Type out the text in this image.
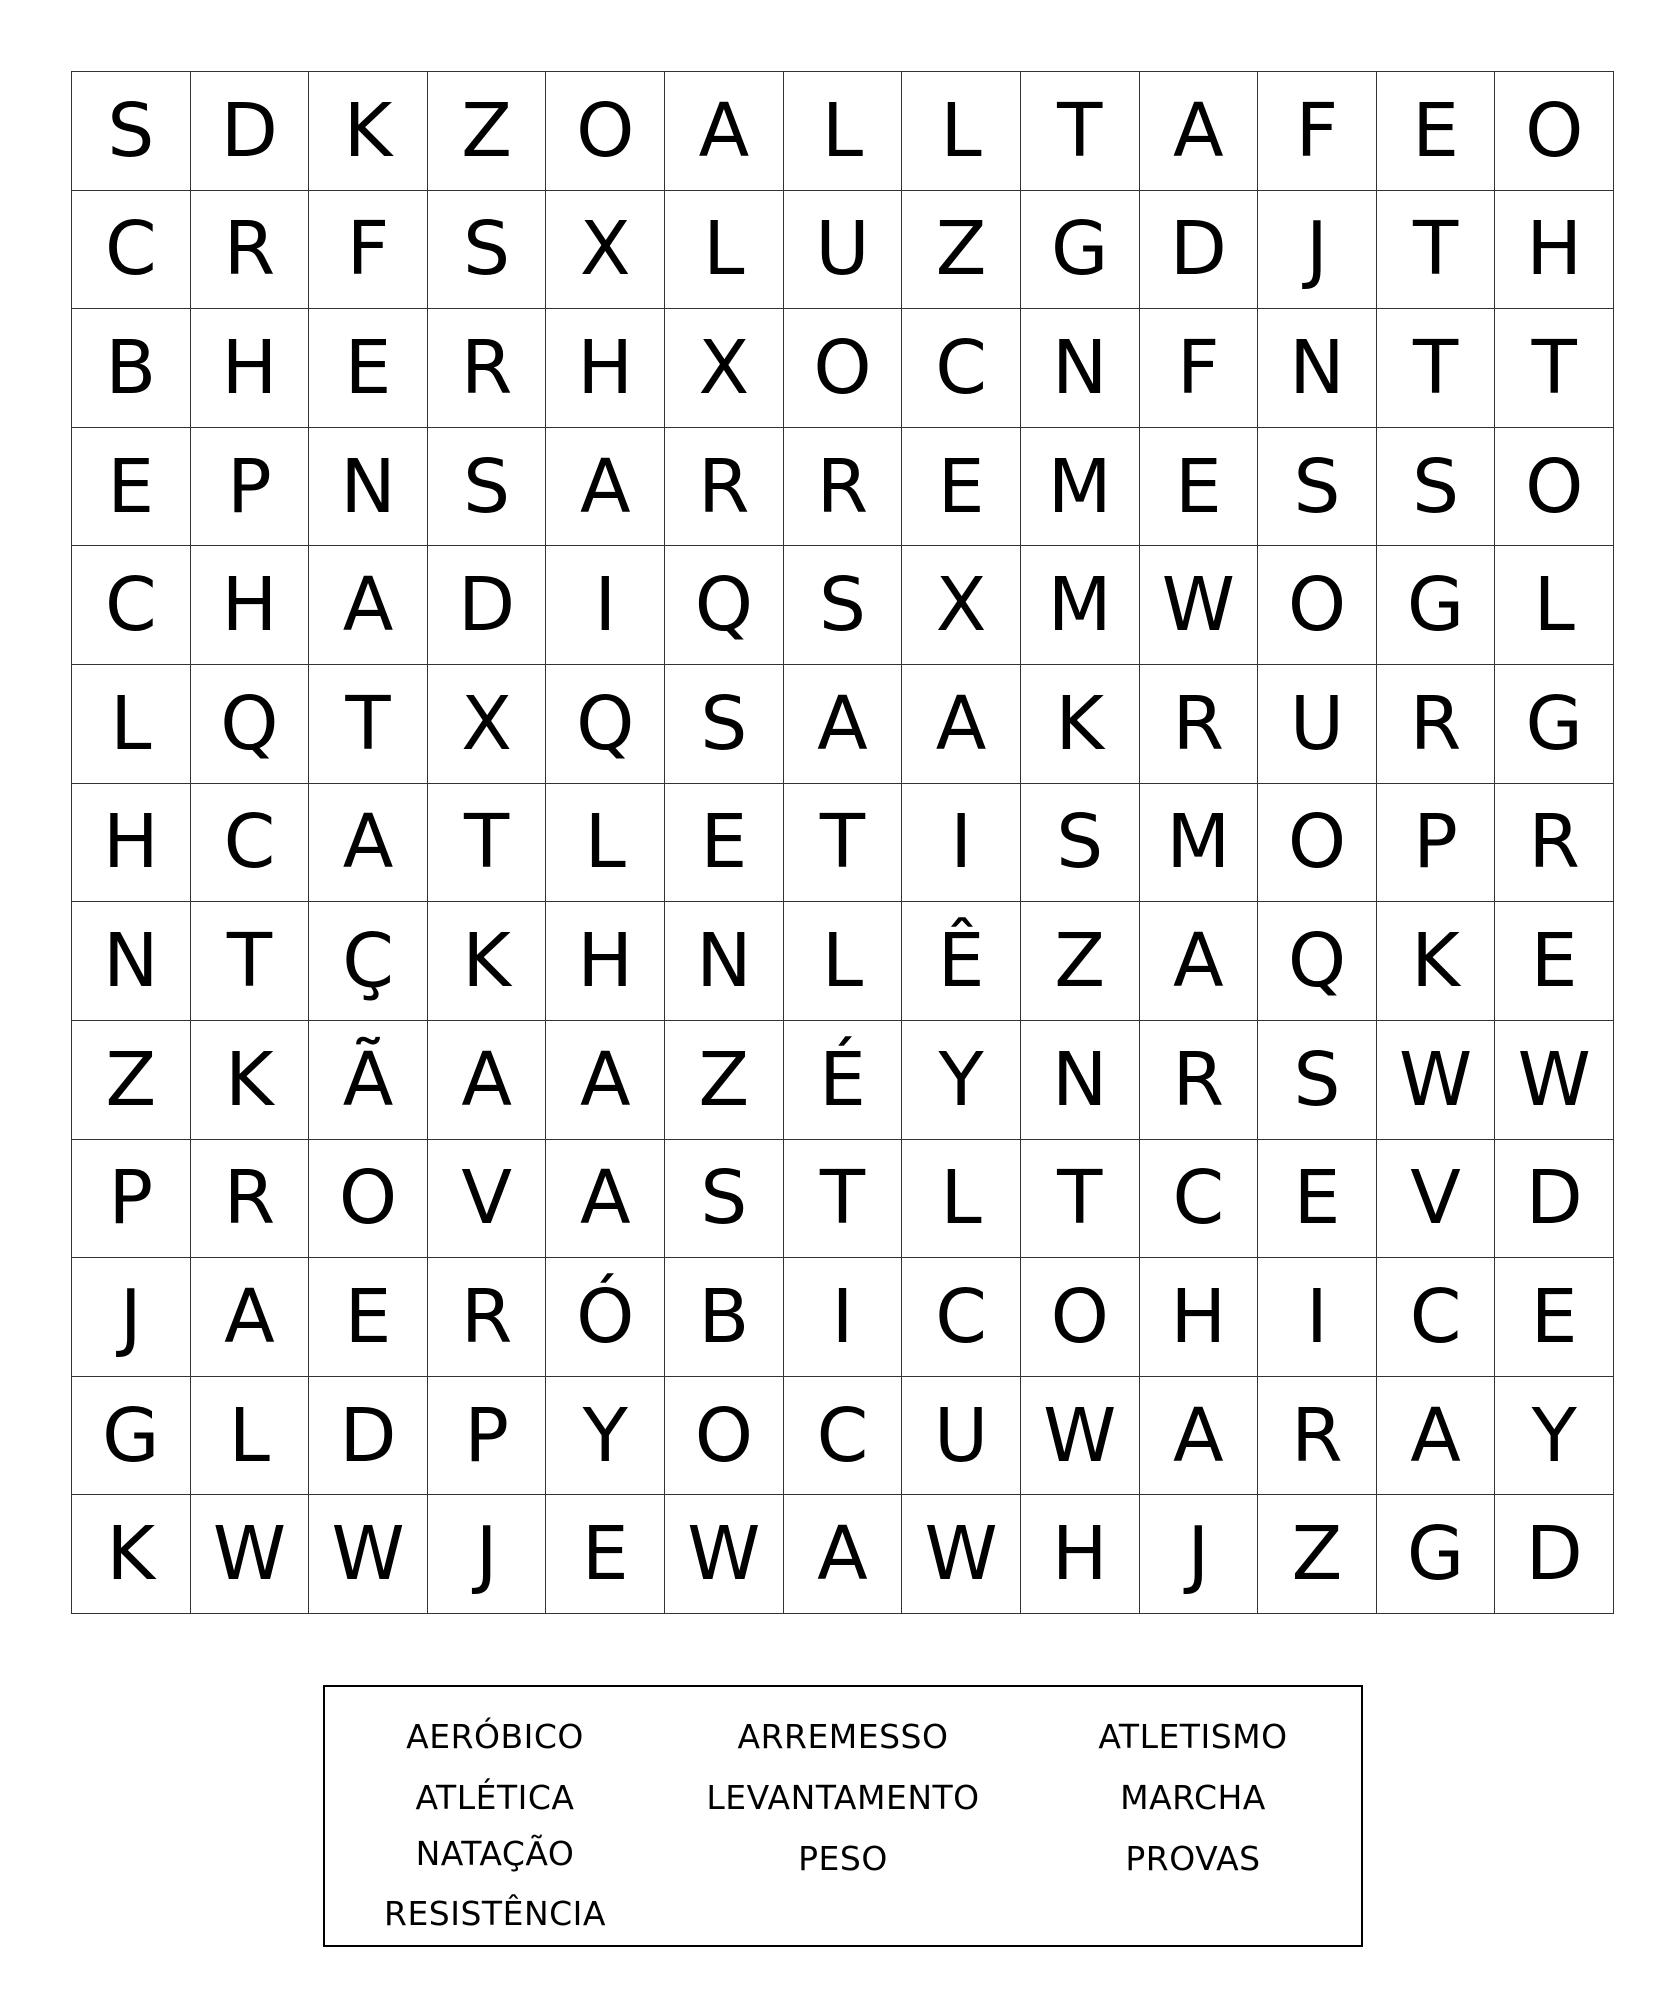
S D K Z O A L	L	T A F E O
C R F S X L U Z G D	J	T H
B H E R H X O C N F N T T
E P N S A R R E M E S S O
C H A D	I	Q S X M W O G L
L Q T X Q S A A K R U R G
H C A T	L	E T	I	S M O P R
N T Ç K H N L	Ê Z A Q K E
Z K Ã A A Z É Y N R S W W
P R O V A S T	L	T C E V D
J	A E R Ó B	I	C O H	I	C E
G L D P Y O C U W A R A Y
K W W J	E W A W H	J	Z G D
AERÓBICO	ARREMESSO	ATLETISMO
ATLÉTICA	LEVANTAMENTO	MARCHA
NATAÇÃO	PESO	PROVAS
RESISTÊNCIA
